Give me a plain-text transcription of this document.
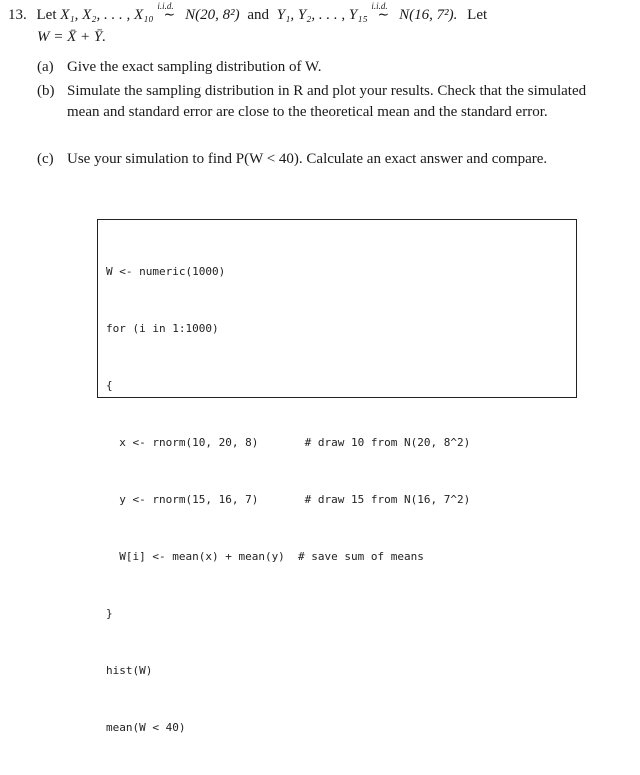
13. Let X₁, X₂, . . . , X₁₀
i.i.d.
∼ N(20, 8²) and Y₁, Y₂, . . . , Y₁₅
i.i.d.
∼ N(16, 7²). Let
W = X̄ + Ȳ.
(a) Give the exact sampling distribution of W.
(b) Simulate the sampling distribution in R and plot your results. Check that the simulated mean and standard error are close to the theoretical mean and the standard error.
(c) Use your simulation to find P(W < 40). Calculate an exact answer and compare.

W <- numeric(1000)

for (i in 1:1000)

{

x <- rnorm(10, 20, 8)       # draw 10 from N(20, 8^2)

y <- rnorm(15, 16, 7)       # draw 15 from N(16, 7^2)

W[i] <- mean(x) + mean(y)  # save sum of means

}

hist(W)

mean(W < 40)
